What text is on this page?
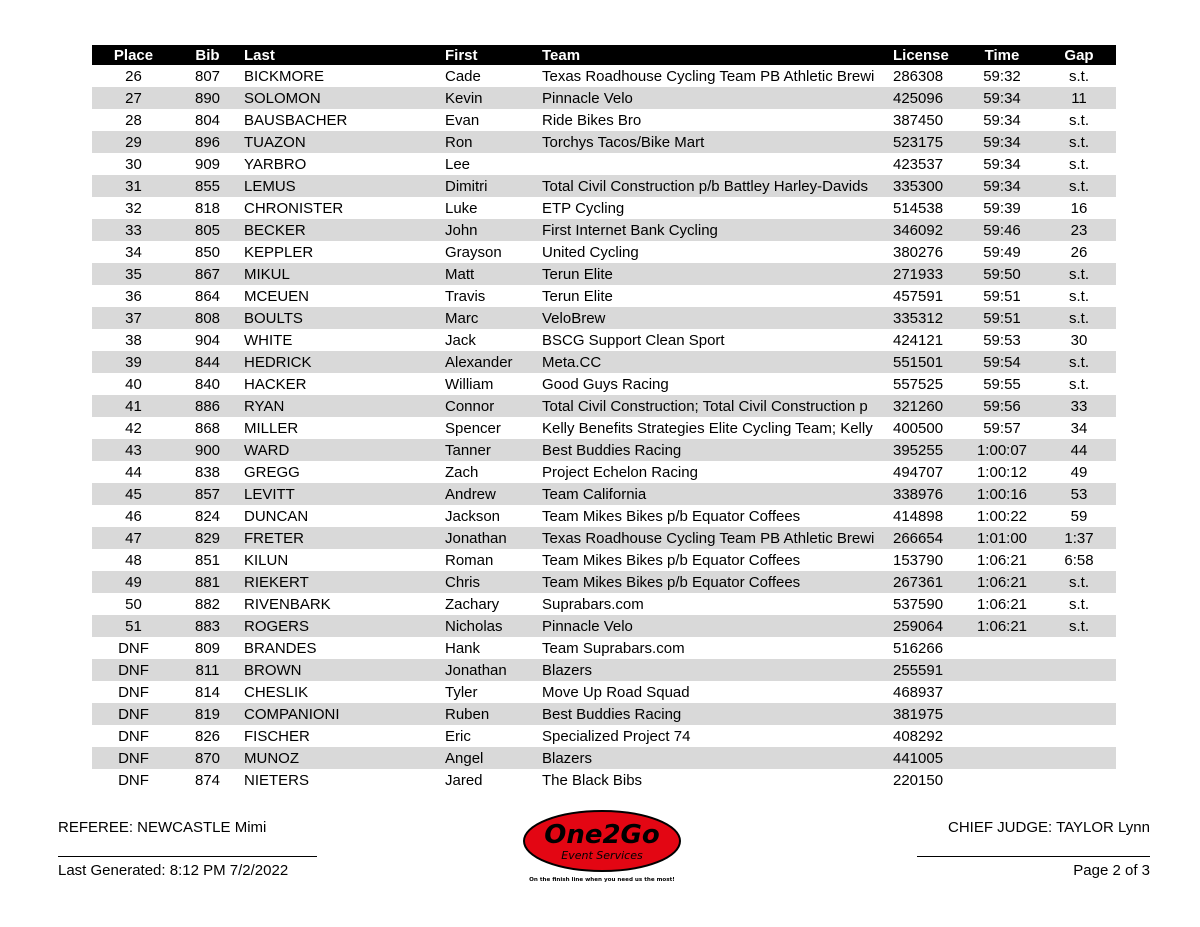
Place	Bib	Last	First	Team	License	Time	Gap
26	807	BICKMORE	Cade	Texas Roadhouse Cycling Team PB Athletic Brewi	286308	59:32	s.t.
27	890	SOLOMON	Kevin	Pinnacle Velo	425096	59:34	11
28	804	BAUSBACHER	Evan	Ride Bikes Bro	387450	59:34	s.t.
29	896	TUAZON	Ron	Torchys Tacos/Bike Mart	523175	59:34	s.t.
30	909	YARBRO	Lee		423537	59:34	s.t.
31	855	LEMUS	Dimitri	Total Civil Construction p/b Battley Harley-Davids	335300	59:34	s.t.
32	818	CHRONISTER	Luke	ETP Cycling	514538	59:39	16
33	805	BECKER	John	First Internet Bank Cycling	346092	59:46	23
34	850	KEPPLER	Grayson	United Cycling	380276	59:49	26
35	867	MIKUL	Matt	Terun Elite	271933	59:50	s.t.
36	864	MCEUEN	Travis	Terun Elite	457591	59:51	s.t.
37	808	BOULTS	Marc	VeloBrew	335312	59:51	s.t.
38	904	WHITE	Jack	BSCG Support Clean Sport	424121	59:53	30
39	844	HEDRICK	Alexander	Meta.CC	551501	59:54	s.t.
40	840	HACKER	William	Good Guys Racing	557525	59:55	s.t.
41	886	RYAN	Connor	Total Civil Construction; Total Civil Construction p	321260	59:56	33
42	868	MILLER	Spencer	Kelly Benefits Strategies Elite Cycling Team; Kelly	400500	59:57	34
43	900	WARD	Tanner	Best Buddies Racing	395255	1:00:07	44
44	838	GREGG	Zach	Project Echelon Racing	494707	1:00:12	49
45	857	LEVITT	Andrew	Team California	338976	1:00:16	53
46	824	DUNCAN	Jackson	Team Mikes Bikes p/b Equator Coffees	414898	1:00:22	59
47	829	FRETER	Jonathan	Texas Roadhouse Cycling Team PB Athletic Brewi	266654	1:01:00	1:37
48	851	KILUN	Roman	Team Mikes Bikes p/b Equator Coffees	153790	1:06:21	6:58
49	881	RIEKERT	Chris	Team Mikes Bikes p/b Equator Coffees	267361	1:06:21	s.t.
50	882	RIVENBARK	Zachary	Suprabars.com	537590	1:06:21	s.t.
51	883	ROGERS	Nicholas	Pinnacle Velo	259064	1:06:21	s.t.
DNF	809	BRANDES	Hank	Team Suprabars.com	516266		
DNF	811	BROWN	Jonathan	Blazers	255591		
DNF	814	CHESLIK	Tyler	Move Up Road Squad	468937		
DNF	819	COMPANIONI	Ruben	Best Buddies Racing	381975		
DNF	826	FISCHER	Eric	Specialized Project 74	408292		
DNF	870	MUNOZ	Angel	Blazers	441005		
DNF	874	NIETERS	Jared	The Black Bibs	220150		
REFEREE: NEWCASTLE Mimi
Last Generated: 8:12 PM 7/2/2022
CHIEF JUDGE: TAYLOR Lynn
Page 2 of 3
One2Go
Event Services
On the finish line when you need us the most!
